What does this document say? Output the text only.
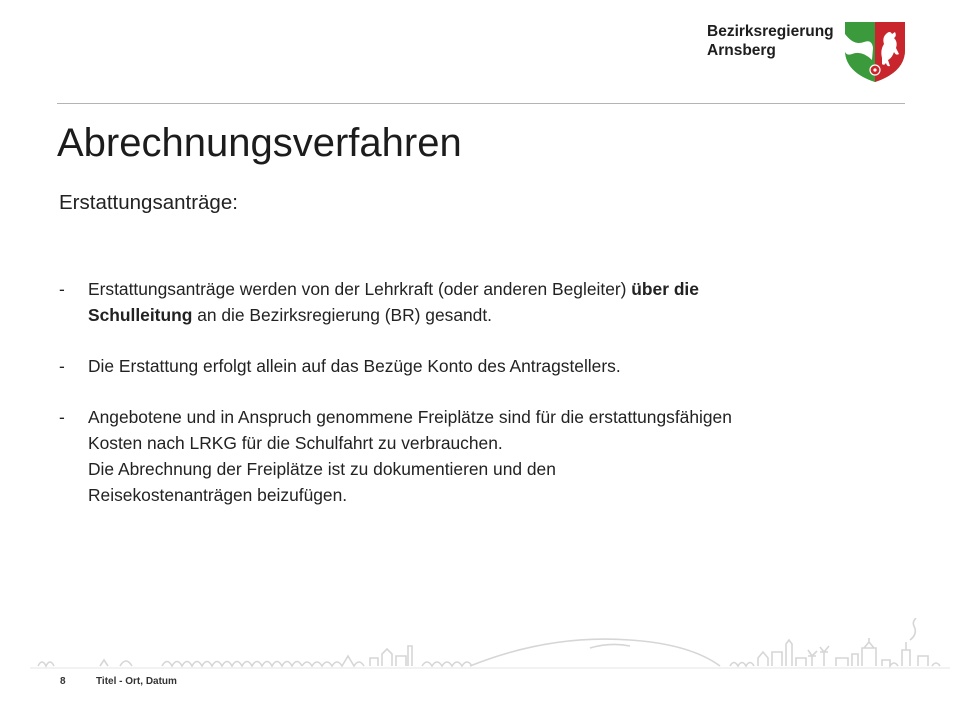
Bezirksregierung
Arnsberg
Abrechnungsverfahren
Erstattungsanträge:
- Erstattungsanträge werden von der Lehrkraft (oder anderen Begleiter) über die
Schulleitung an die Bezirksregierung (BR) gesandt.
- Die Erstattung erfolgt allein auf das Bezüge Konto des Antragstellers.
- Angebotene und in Anspruch genommene Freiplätze sind für die erstattungsfähigen
Kosten nach LRKG für die Schulfahrt zu verbrauchen.
Die Abrechnung der Freiplätze ist zu dokumentieren und den
Reisekostenanträgen beizufügen.
8	Titel - Ort, Datum
